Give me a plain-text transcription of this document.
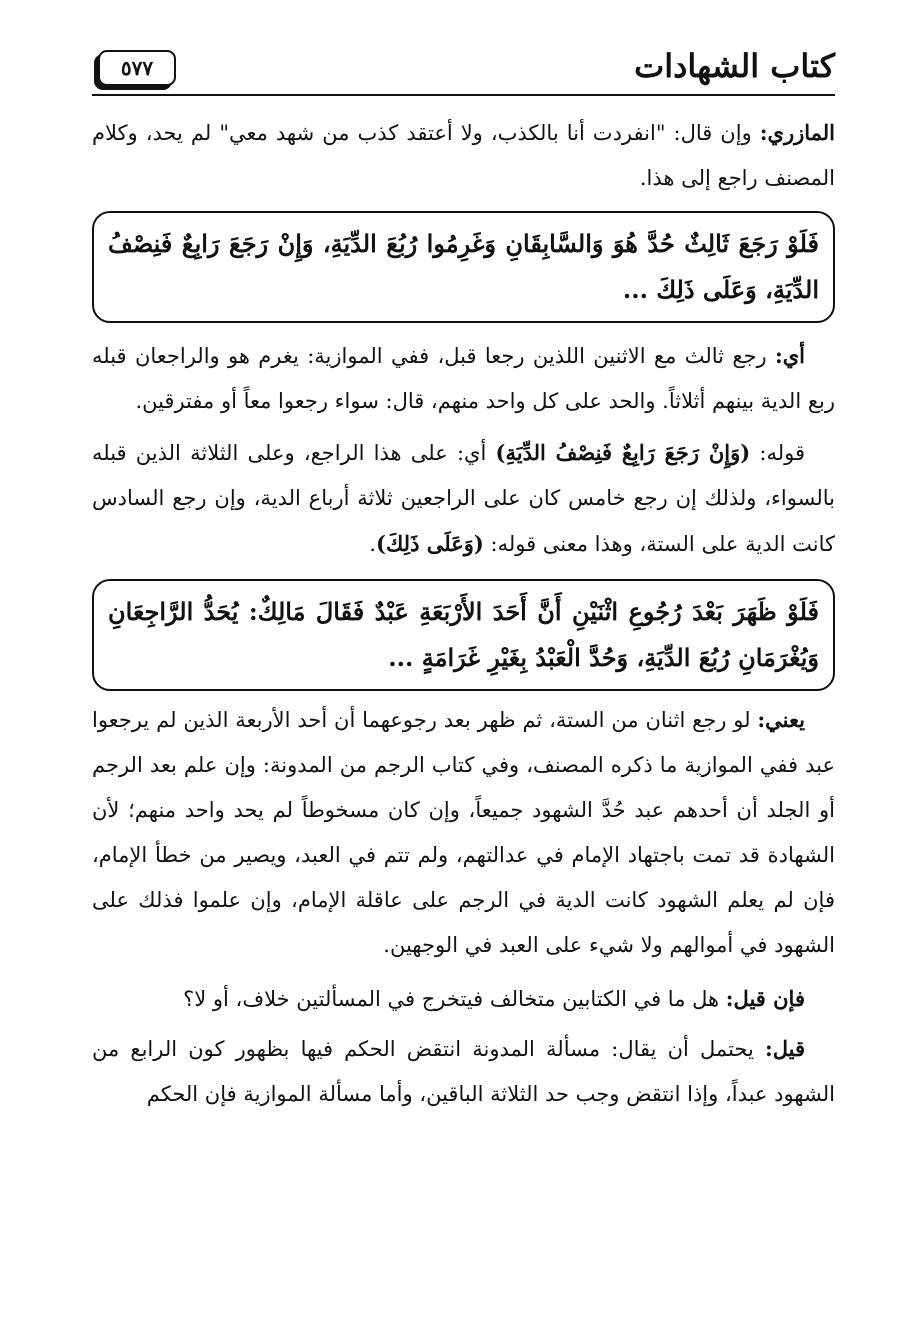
كتاب الشهادات
٥٧٧

المازري: وإن قال: "انفردت أنا بالكذب، ولا أعتقد كذب من شهد معي" لم يحد، وكلام المصنف راجع إلى هذا.

فَلَوْ رَجَعَ ثَالِثٌ حُدَّ هُوَ وَالسَّابِقَانِ وَغَرِمُوا رُبُعَ الدِّيَةِ، وَإِنْ رَجَعَ رَابِعٌ فَنِصْفُ الدِّيَةِ، وَعَلَى ذَلِكَ ...

أي: رجع ثالث مع الاثنين اللذين رجعا قبل، ففي الموازية: يغرم هو والراجعان قبله ربع الدية بينهم أثلاثاً. والحد على كل واحد منهم، قال: سواء رجعوا معاً أو مفترقين.

قوله: (وَإِنْ رَجَعَ رَابِعٌ فَنِصْفُ الدِّيَةِ) أي: على هذا الراجع، وعلى الثلاثة الذين قبله بالسواء، ولذلك إن رجع خامس كان على الراجعين ثلاثة أرباع الدية، وإن رجع السادس كانت الدية على الستة، وهذا معنى قوله: (وَعَلَى ذَلِكَ).

فَلَوْ ظَهَرَ بَعْدَ رُجُوعِ اثْنَيْنِ أَنَّ أَحَدَ الأَرْبَعَةِ عَبْدٌ فَقَالَ مَالِكٌ: يُحَدُّ الرَّاجِعَانِ وَيُغْرَمَانِ رُبُعَ الدِّيَةِ، وَحُدَّ الْعَبْدُ بِغَيْرِ غَرَامَةٍ ...

يعني: لو رجع اثنان من الستة، ثم ظهر بعد رجوعهما أن أحد الأربعة الذين لم يرجعوا عبد ففي الموازية ما ذكره المصنف، وفي كتاب الرجم من المدونة: وإن علم بعد الرجم أو الجلد أن أحدهم عبد حُدَّ الشهود جميعاً، وإن كان مسخوطاً لم يحد واحد منهم؛ لأن الشهادة قد تمت باجتهاد الإمام في عدالتهم، ولم تتم في العبد، ويصير من خطأ الإمام، فإن لم يعلم الشهود كانت الدية في الرجم على عاقلة الإمام، وإن علموا فذلك على الشهود في أموالهم ولا شيء على العبد في الوجهين.

فإن قيل: هل ما في الكتابين متخالف فيتخرج في المسألتين خلاف، أو لا؟

قيل: يحتمل أن يقال: مسألة المدونة انتقض الحكم فيها بظهور كون الرابع من الشهود عبداً، وإذا انتقض وجب حد الثلاثة الباقين، وأما مسألة الموازية فإن الحكم
